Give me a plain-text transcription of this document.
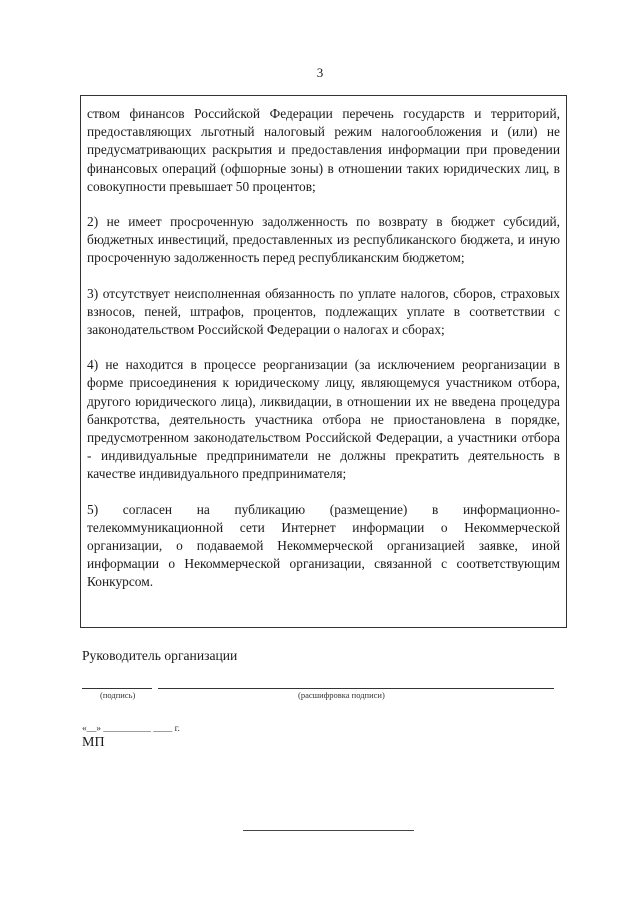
3

ством финансов Российской Федерации перечень государств и территорий, предоставляющих льготный налоговый режим налогообложения и (или) не предусматривающих раскрытия и предоставления информации при проведении финансовых операций (офшорные зоны) в отношении таких юридических лиц, в совокупности превышает 50 процентов;

2) не имеет просроченную задолженность по возврату в бюджет субсидий, бюджетных инвестиций, предоставленных из республиканского бюджета, и иную просроченную задолженность перед республиканским бюджетом;

3) отсутствует неисполненная обязанность по уплате налогов, сборов, страховых взносов, пеней, штрафов, процентов, подлежащих уплате в соответствии с законодательством Российской Федерации о налогах и сборах;

4) не находится в процессе реорганизации (за исключением реорганизации в форме присоединения к юридическому лицу, являющемуся участником отбора, другого юридического лица), ликвидации, в отношении их не введена процедура банкротства, деятельность участника отбора не приостановлена в порядке, предусмотренном законодательством Российской Федерации, а участники отбора - индивидуальные предприниматели не должны прекратить деятельность в качестве индивидуального предпринимателя;

5) согласен на публикацию (размещение) в информационно-телекоммуникационной сети Интернет информации о Некоммерческой организации, о подаваемой Некоммерческой организацией заявке, иной информации о Некоммерческой организации, связанной с соответствующим Конкурсом.

Руководитель организации
(подпись)	(расшифровка подписи)
«__» __________ ____ г.
МП
